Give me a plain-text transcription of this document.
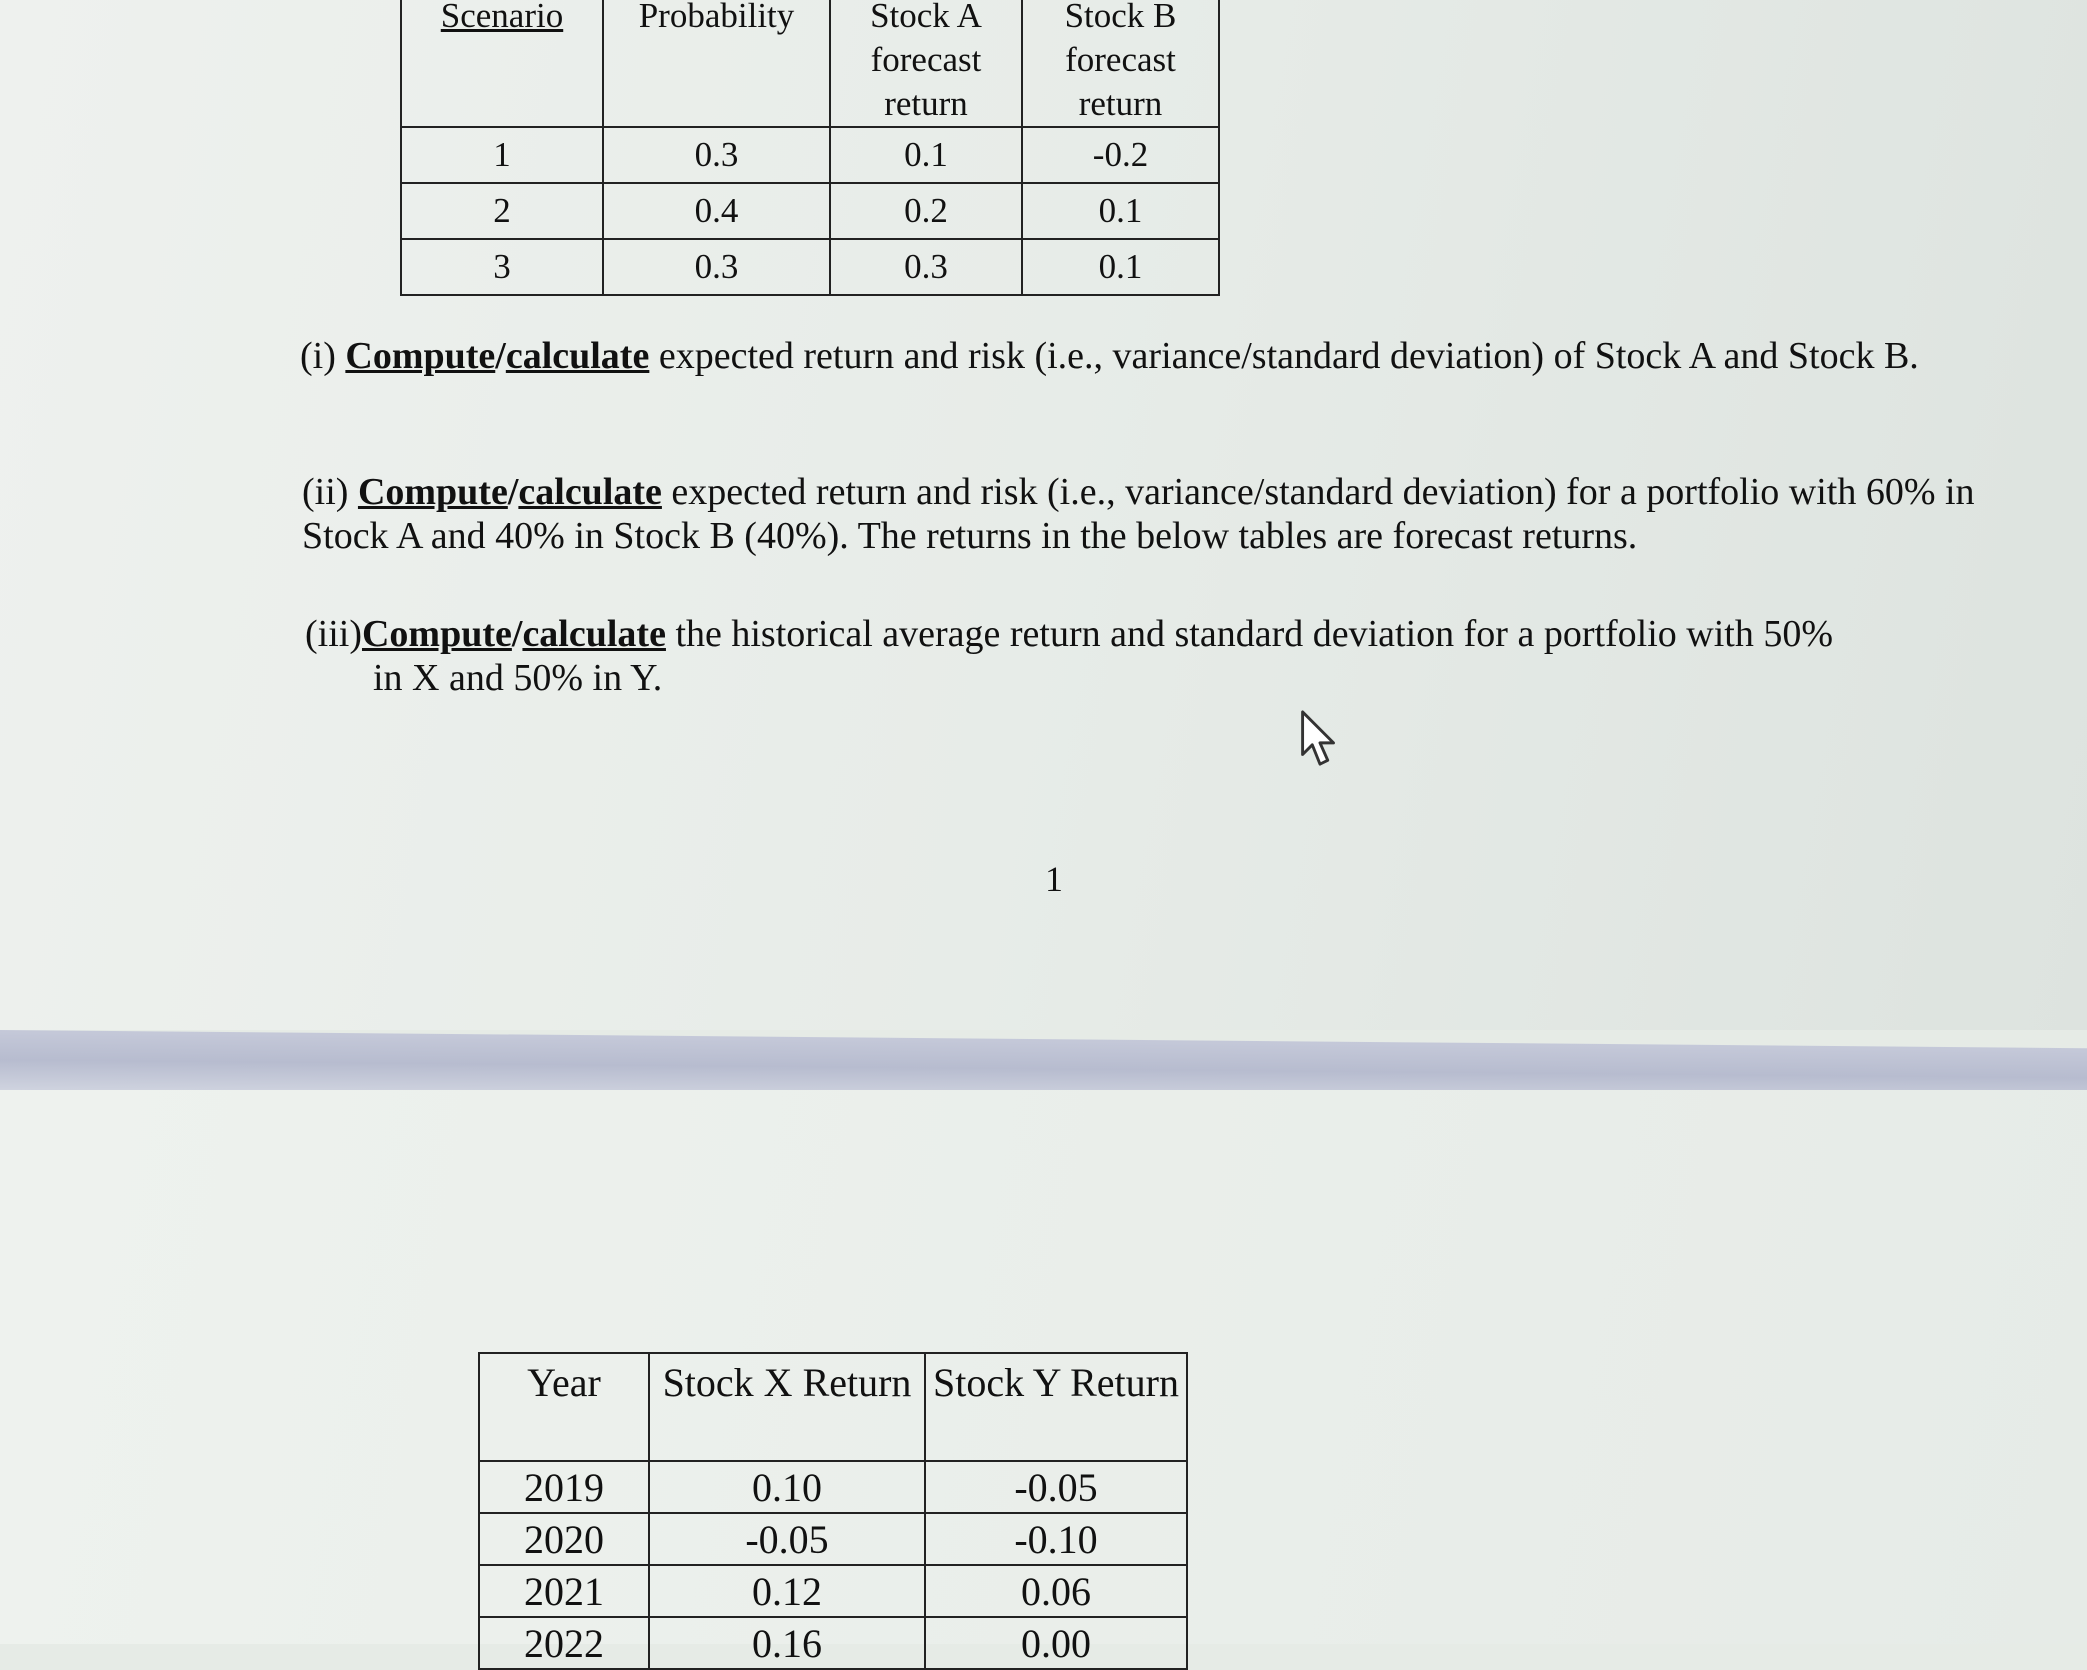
Scenario	Probability	Stock A forecast return	Stock B forecast return
1	0.3	0.1	-0.2
2	0.4	0.2	0.1
3	0.3	0.3	0.1
(i) Compute/calculate expected return and risk (i.e., variance/standard deviation) of Stock A and Stock B.
(ii) Compute/calculate expected return and risk (i.e., variance/standard deviation) for a portfolio with 60% in Stock A and 40% in Stock B (40%). The returns in the below tables are forecast returns.
(iii)Compute/calculate the historical average return and standard deviation for a portfolio with 50%
in X and 50% in Y.
1
Year	Stock X Return	Stock Y Return
2019	0.10	-0.05
2020	-0.05	-0.10
2021	0.12	0.06
2022	0.16	0.00
